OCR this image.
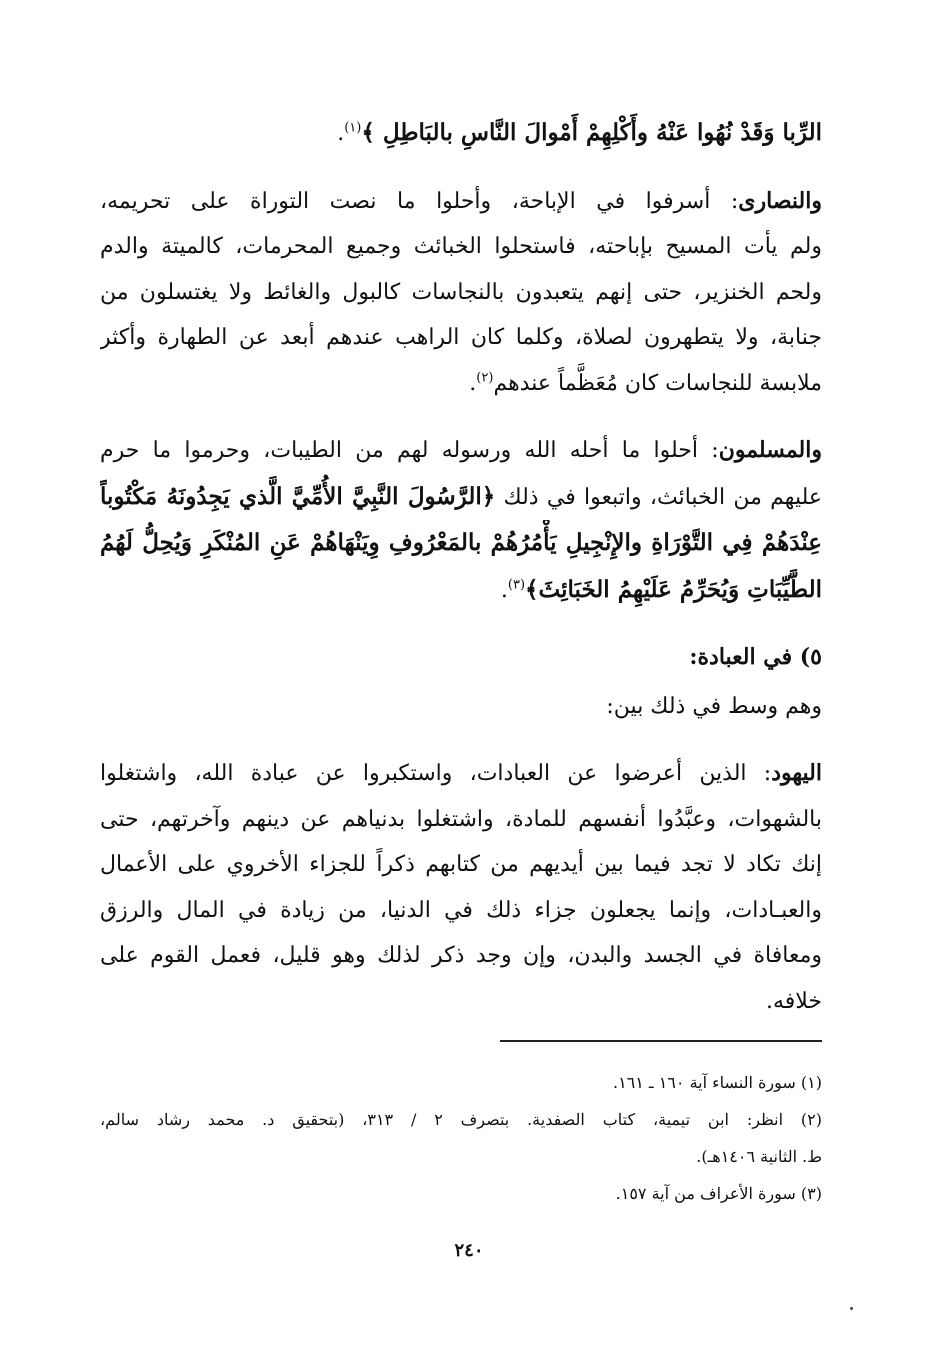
الرِّبا وَقَدْ نُهُوا عَنْهُ وأَكْلِهِمْ أَمْوالَ النَّاسِ بالبَاطِلِ ﴾$^{(١)}$.
والنصارى: أسرفوا في الإباحة، وأحلوا ما نصت التوراة على تحريمه،
ولم يأت المسيح بإباحته، فاستحلوا الخبائث وجميع المحرمات، كالميتة والدم
ولحم الخنزير، حتى إنهم يتعبدون بالنجاسات كالبول والغائط ولا يغتسلون من
جنابة، ولا يتطهرون لصلاة، وكلما كان الراهب عندهم أبعد عن الطهارة وأكثر
ملابسة للنجاسات كان مُعَظَّماً عندهم$^{(٢)}$.
والمسلمون: أحلوا ما أحله الله ورسوله لهم من الطيبات، وحرموا ما حرم
عليهم من الخبائث، واتبعوا في ذلك ﴿الرَّسُولَ النَّبِيَّ الأُمِّيَّ الَّذي يَجِدُونَهُ مَكْتُوباً
عِنْدَهُمْ فِي التَّوْرَاةِ والإِنْجِيلِ يَأْمُرُهُمْ بالمَعْرُوفِ وِيَنْهَاهُمْ عَنِ المُنْكَرِ وَيُحِلُّ لَهُمُ
الطَّيِّبَاتِ وَيُحَرِّمُ عَلَيْهِمُ الخَبَائِثَ﴾$^{(٣)}$.
٥) في العبادة:
وهم وسط في ذلك بين:
اليهود: الذين أعرضوا عن العبادات، واستكبروا عن عبادة الله، واشتغلوا
بالشهوات، وعبَّدُوا أنفسهم للمادة، واشتغلوا بدنياهم عن دينهم وآخرتهم، حتى
إنك تكاد لا تجد فيما بين أيديهم من كتابهم ذكراً للجزاء الأخروي على الأعمال
والعبـادات، وإنما يجعلون جزاء ذلك في الدنيا، من زيادة في المال والرزق
ومعافاة في الجسد والبدن، وإن وجد ذكر لذلك وهو قليل، فعمل القوم على
خلافه.
(١) سورة النساء آية ١٦٠ ـ ١٦١.
(٢) انظر: ابن تيمية، كتاب الصفدية. بتصرف ٢ / ٣١٣، (بتحقيق د. محمد رشاد سالم،
ط. الثانية ١٤٠٦هـ).
(٣) سورة الأعراف من آية ١٥٧.
٢٤٠
